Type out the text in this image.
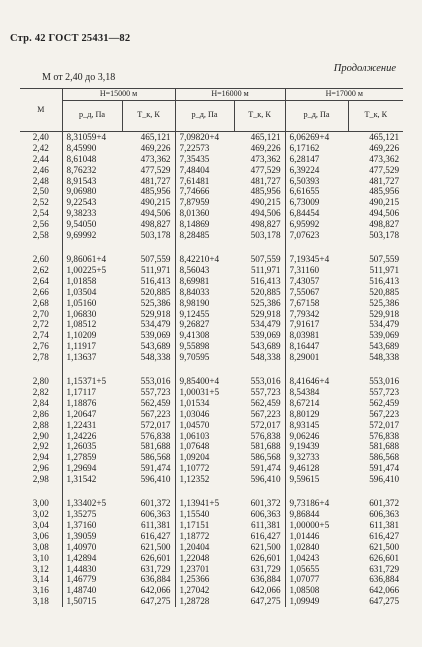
Стр. 42 ГОСТ 25431—82
Продолжение
М от 2,40 до 3,18
М	H=15000 м		H=16000 м		H=17000 м	
	p_д, Па	T_к, К	p_д, Па	T_к, К	p_д, Па	T_к, К
2,40	8,31059+4	465,121	7,09820+4	465,121	6,06269+4	465,121
2,42	8,45990	469,226	7,22573	469,226	6,17162	469,226
2,44	8,61048	473,362	7,35435	473,362	6,28147	473,362
2,46	8,76232	477,529	7,48404	477,529	6,39224	477,529
2,48	8,91543	481,727	7,61481	481,727	6,50393	481,727
2,50	9,06980	485,956	7,74666	485,956	6,61655	485,956
2,52	9,22543	490,215	7,87959	490,215	6,73009	490,215
2,54	9,38233	494,506	8,01360	494,506	6,84454	494,506
2,56	9,54050	498,827	8,14869	498,827	6,95992	498,827
2,58	9,69992	503,178	8,28485	503,178	7,07623	503,178

2,60	9,86061+4	507,559	8,42210+4	507,559	7,19345+4	507,559
2,62	1,00225+5	511,971	8,56043	511,971	7,31160	511,971
2,64	1,01858	516,413	8,69981	516,413	7,43057	516,413
2,66	1,03504	520,885	8,84033	520,885	7,55067	520,885
2,68	1,05160	525,386	8,98190	525,386	7,67158	525,386
2,70	1,06830	529,918	9,12455	529,918	7,79342	529,918
2,72	1,08512	534,479	9,26827	534,479	7,91617	534,479
2,74	1,10209	539,069	9,41308	539,069	8,03981	539,069
2,76	1,11917	543,689	9,55898	543,689	8,16447	543,689
2,78	1,13637	548,338	9,70595	548,338	8,29001	548,338

2,80	1,15371+5	553,016	9,85400+4	553,016	8,41646+4	553,016
2,82	1,17117	557,723	1,00031+5	557,723	8,54384	557,723
2,84	1,18876	562,459	1,01534	562,459	8,67214	562,459
2,86	1,20647	567,223	1,03046	567,223	8,80129	567,223
2,88	1,22431	572,017	1,04570	572,017	8,93145	572,017
2,90	1,24226	576,838	1,06103	576,838	9,06246	576,838
2,92	1,26035	581,688	1,07648	581,688	9,19439	581,688
2,94	1,27859	586,568	1,09204	586,568	9,32733	586,568
2,96	1,29694	591,474	1,10772	591,474	9,46128	591,474
2,98	1,31542	596,410	1,12352	596,410	9,59615	596,410

3,00	1,33402+5	601,372	1,13941+5	601,372	9,73186+4	601,372
3,02	1,35275	606,363	1,15540	606,363	9,86844	606,363
3,04	1,37160	611,381	1,17151	611,381	1,00000+5	611,381
3,06	1,39059	616,427	1,18772	616,427	1,01446	616,427
3,08	1,40970	621,500	1,20404	621,500	1,02840	621,500
3,10	1,42894	626,601	1,22048	626,601	1,04243	626,601
3,12	1,44830	631,729	1,23701	631,729	1,05655	631,729
3,14	1,46779	636,884	1,25366	636,884	1,07077	636,884
3,16	1,48740	642,066	1,27042	642,066	1,08508	642,066
3,18	1,50715	647,275	1,28728	647,275	1,09949	647,275
